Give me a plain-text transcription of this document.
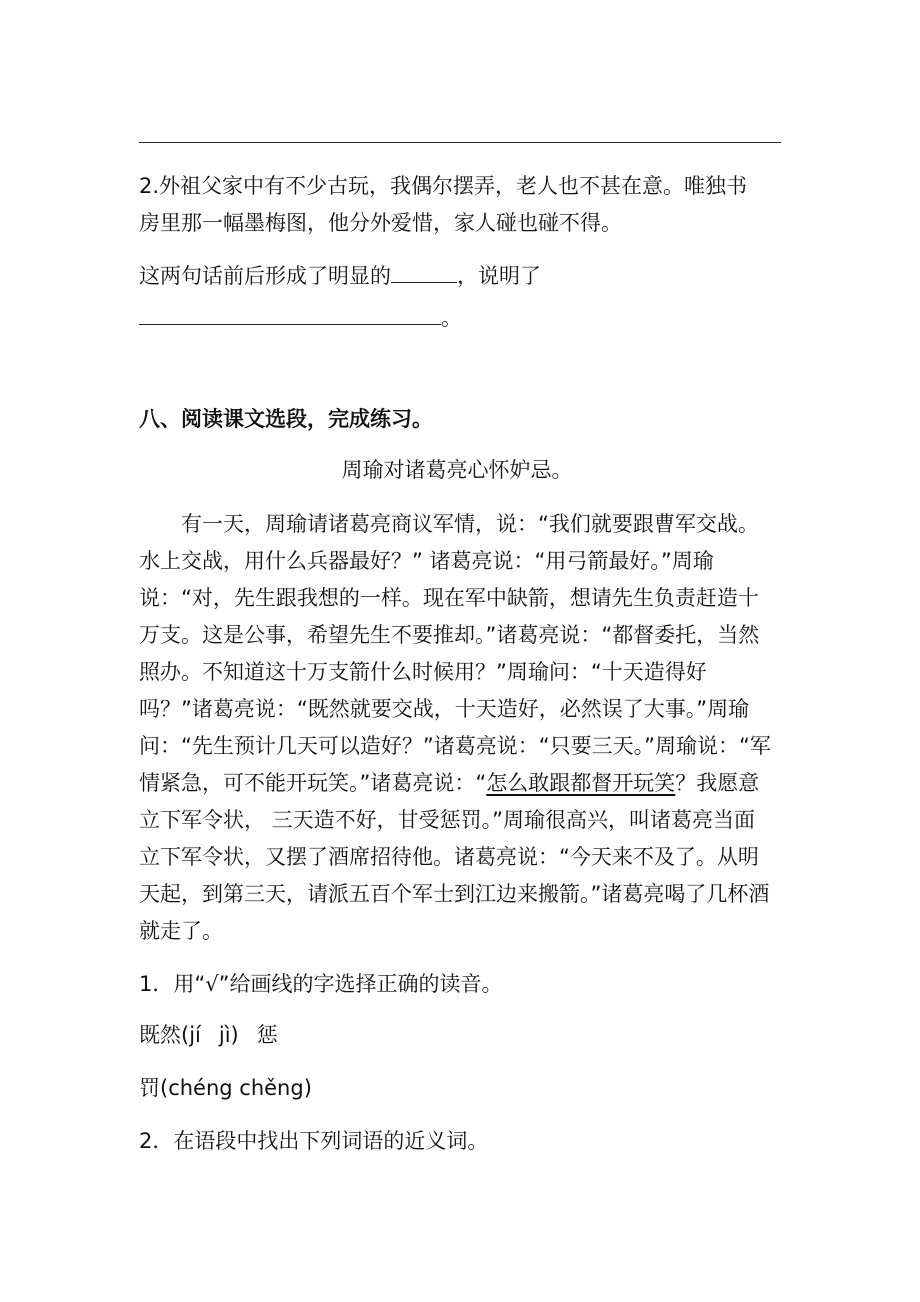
2.外祖父家中有不少古玩，我偶尔摆弄，老人也不甚在意。唯独书
房里那一幅墨梅图，他分外爱惜，家人碰也碰不得。
这两句话前后形成了明显的	，说明了
。
八、阅读课文选段，完成练习。
周瑜对诸葛亮心怀妒忌。
有一天，周瑜请诸葛亮商议军情，说：“我们就要跟曹军交战。水上交战，用什么兵器最好？” 诸葛亮说：“用弓箭最好。”周瑜说：“对，先生跟我想的一样。现在军中缺箭，想请先生负责赶造十万支。这是公事，希望先生不要推却。”诸葛亮说：“都督委托，当然照办。不知道这十万支箭什么时候用？”周瑜问：“十天造得好吗？”诸葛亮说：“既然就要交战，十天造好，必然误了大事。”周瑜问：“先生预计几天可以造好？”诸葛亮说：“只要三天。”周瑜说：“军情紧急，可不能开玩笑。”诸葛亮说：“怎么敢跟都督开玩笑？我愿意立下军令状， 三天造不好，甘受惩罚。”周瑜很高兴，叫诸葛亮当面立下军令状，又摆了酒席招待他。诸葛亮说：“今天来不及了。从明天起，到第三天，请派五百个军士到江边来搬箭。”诸葛亮喝了几杯酒就走了。
1．用“√”给画线的字选择正确的读音。
既然(jí jì) 惩
罚(chéng chěng)
2．在语段中找出下列词语的近义词。
